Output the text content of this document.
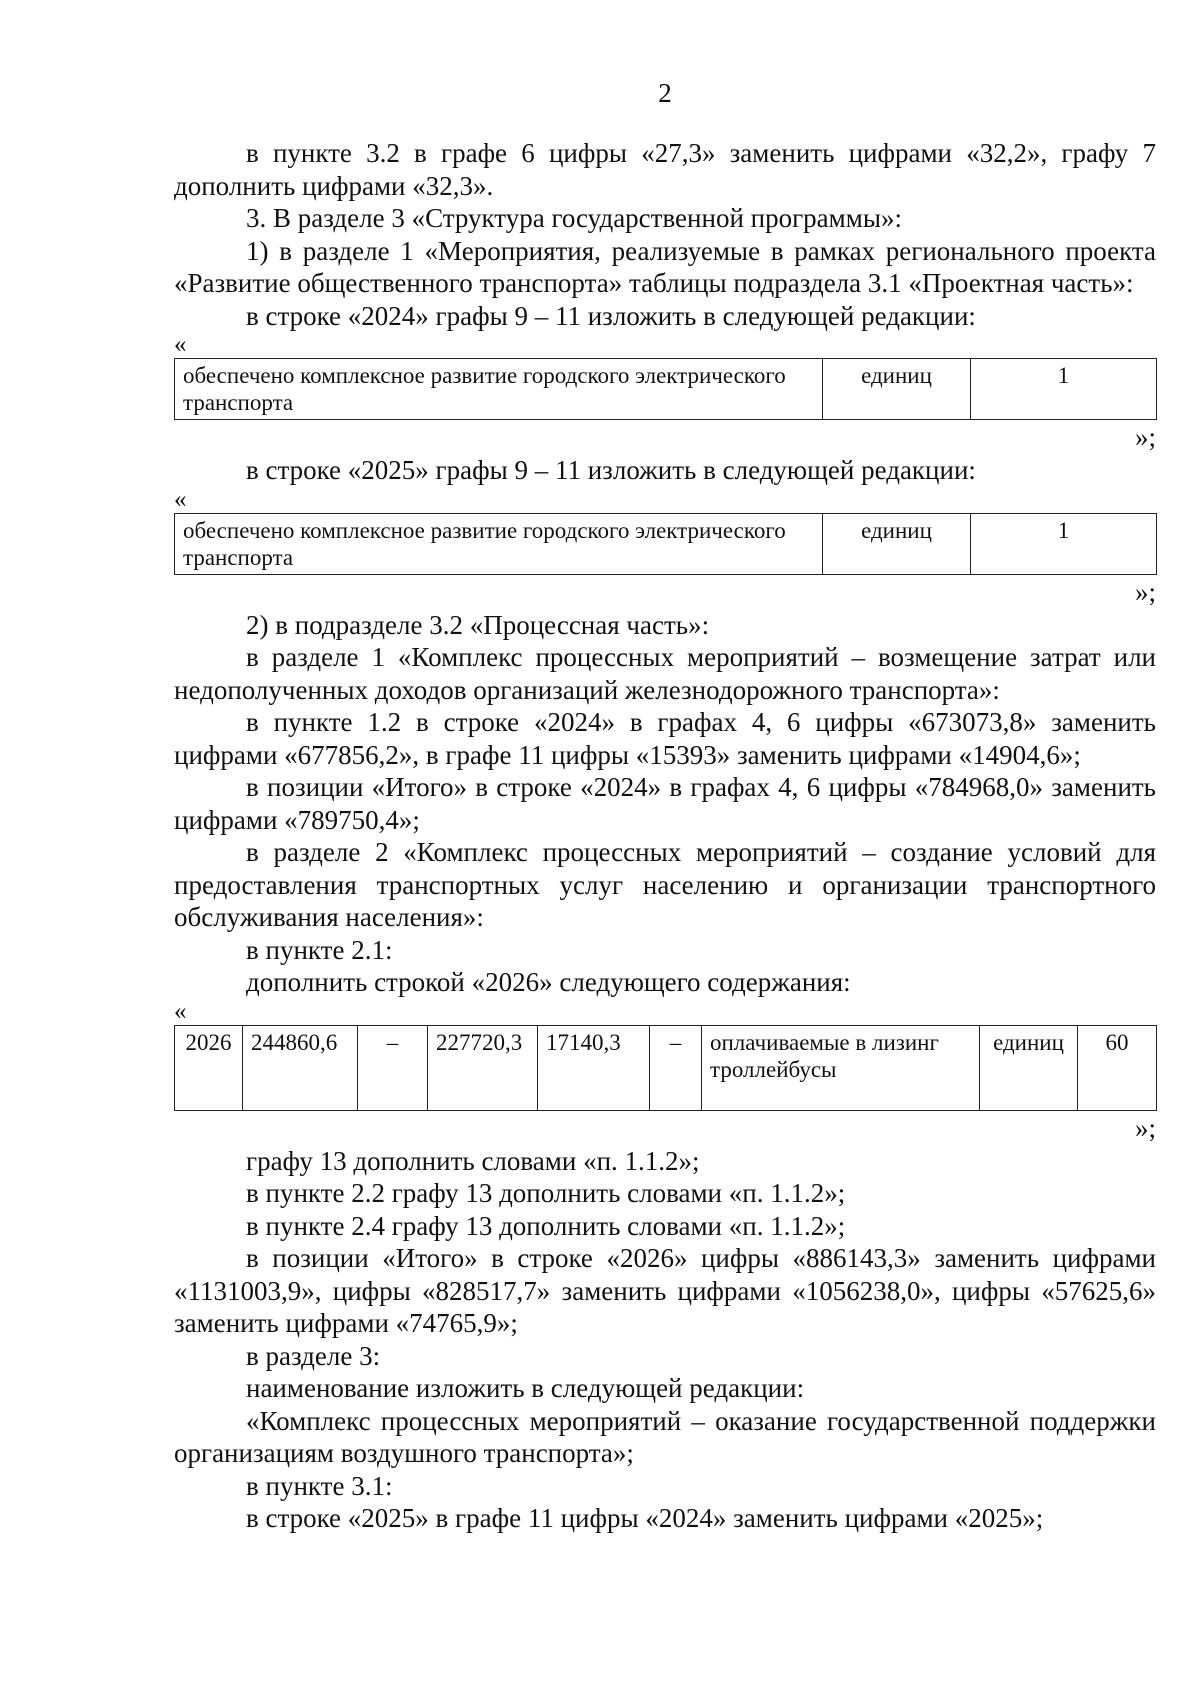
2

в пункте 3.2 в графе 6 цифры «27,3» заменить цифрами «32,2», графу 7 дополнить цифрами «32,3».

3. В разделе 3 «Структура государственной программы»:

1) в разделе 1 «Мероприятия, реализуемые в рамках регионального проекта «Развитие общественного транспорта» таблицы подраздела 3.1 «Проектная часть»:

в строке «2024» графы 9 – 11 изложить в следующей редакции:

«

обеспечено комплексное развитие городского электрического транспорта	единиц	1

»;

в строке «2025» графы 9 – 11 изложить в следующей редакции:

«

обеспечено комплексное развитие городского электрического транспорта	единиц	1

»;

2) в подразделе 3.2 «Процессная часть»:

в разделе 1 «Комплекс процессных мероприятий – возмещение затрат или недополученных доходов организаций железнодорожного транспорта»:

в пункте 1.2 в строке «2024» в графах 4, 6 цифры «673073,8» заменить цифрами «677856,2», в графе 11 цифры «15393» заменить цифрами «14904,6»;

в позиции «Итого» в строке «2024» в графах 4, 6 цифры «784968,0» заменить цифрами «789750,4»;

в разделе 2 «Комплекс процессных мероприятий – создание условий для предоставления транспортных услуг населению и организации транспортного обслуживания населения»:

в пункте 2.1:

дополнить строкой «2026» следующего содержания:

«

2026	244860,6	–	227720,3	17140,3	–	оплачиваемые в лизинг троллейбусы	единиц	60

»;

графу 13 дополнить словами «п. 1.1.2»;

в пункте 2.2 графу 13 дополнить словами «п. 1.1.2»;

в пункте 2.4 графу 13 дополнить словами «п. 1.1.2»;

в позиции «Итого» в строке «2026» цифры «886143,3» заменить цифрами «1131003,9», цифры «828517,7» заменить цифрами «1056238,0», цифры «57625,6» заменить цифрами «74765,9»;

в разделе 3:

наименование изложить в следующей редакции:

«Комплекс процессных мероприятий – оказание государственной поддержки организациям воздушного транспорта»;

в пункте 3.1:

в строке «2025» в графе 11 цифры «2024» заменить цифрами «2025»;
